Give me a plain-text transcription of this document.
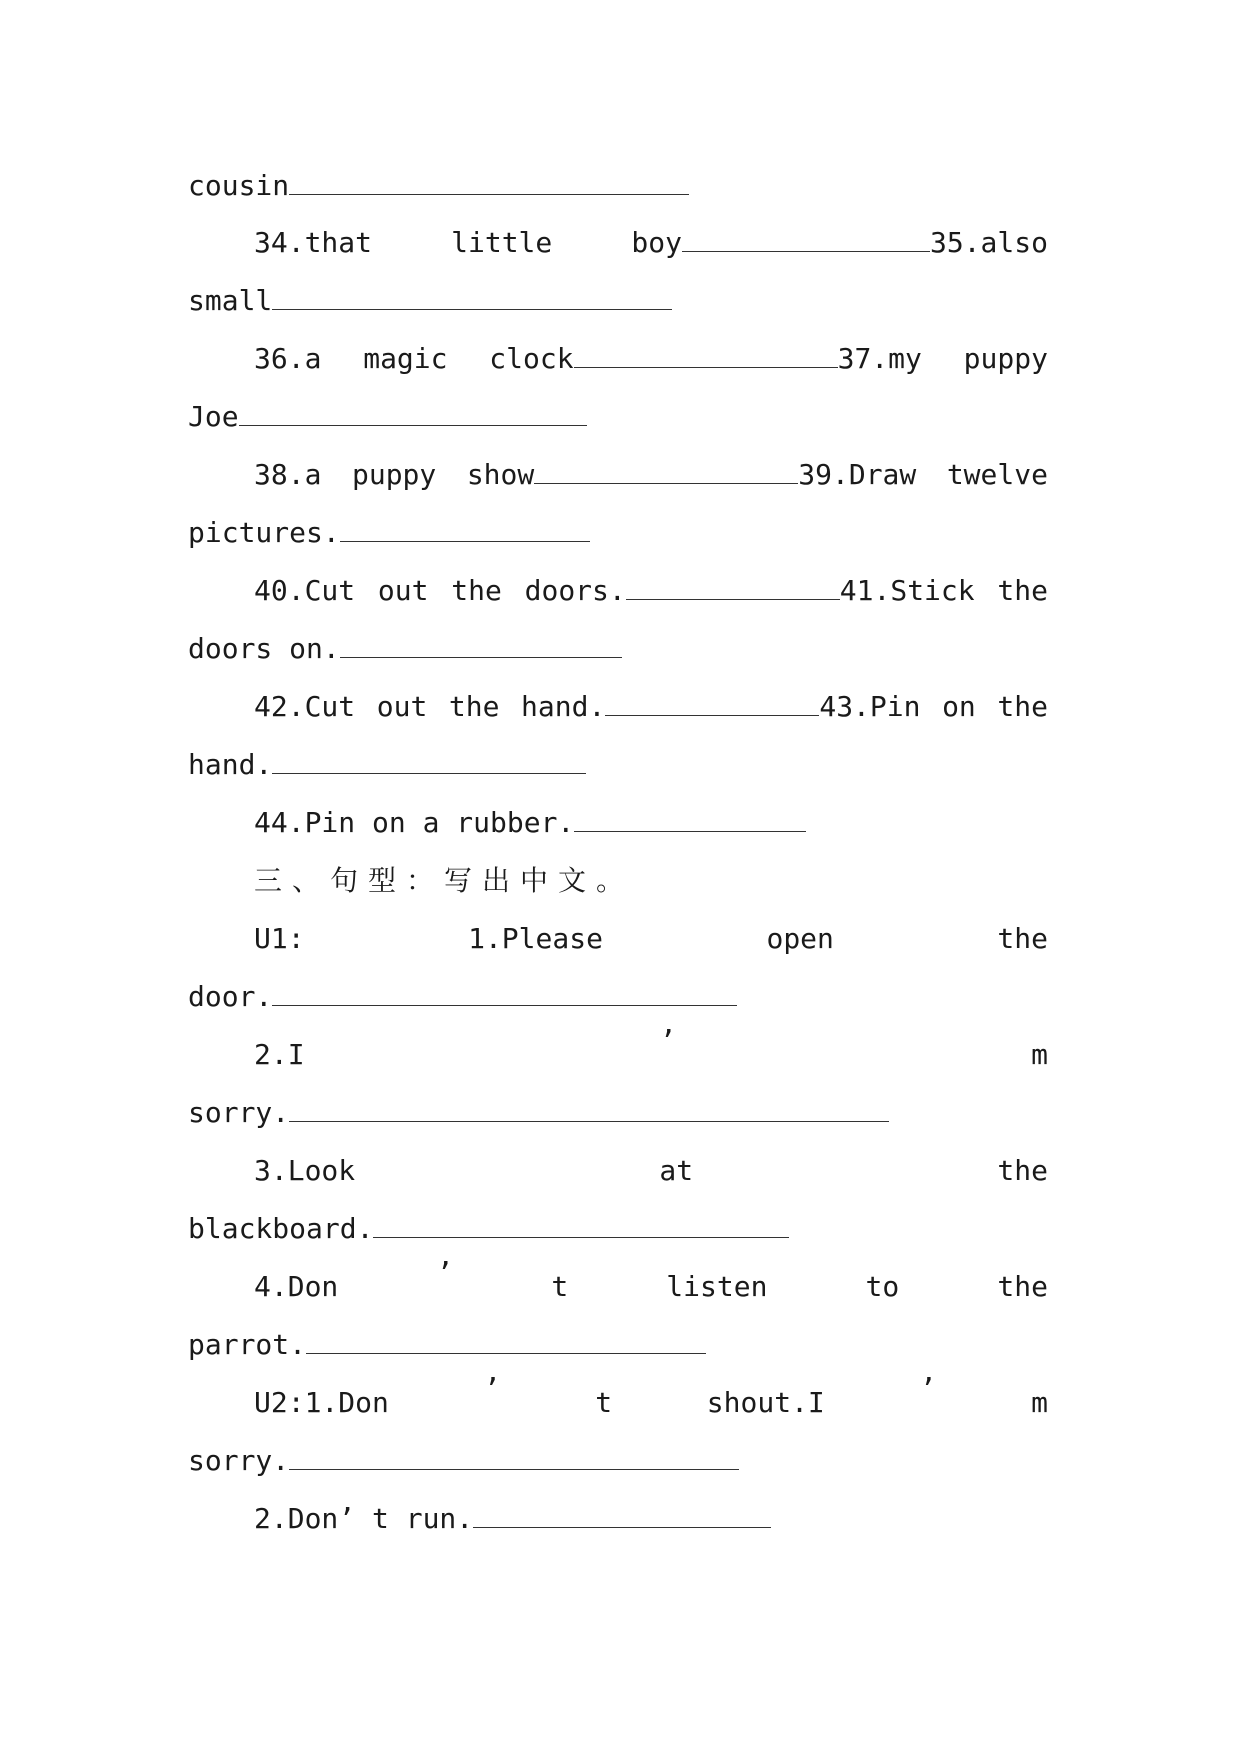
cousin
34.that	little	boy	35.also
small
36.a magic clock	37.my puppy
Joe
38.a puppy show	39.Draw twelve
pictures.
40.Cut out the doors.	41.Stick the
doors on.
42.Cut out the hand.	43.Pin on the
hand.
44.Pin on a rubber.
三、句型：写出中文。
U1:	1.Please	open	the
door.
2.I	’	m
sorry.
3.Look	at	the
blackboard.
4.Don	’	t	listen	to	the
parrot.
U2:1.Don	’	t	shout.I	’	m
sorry.
2.Don’ t run.
